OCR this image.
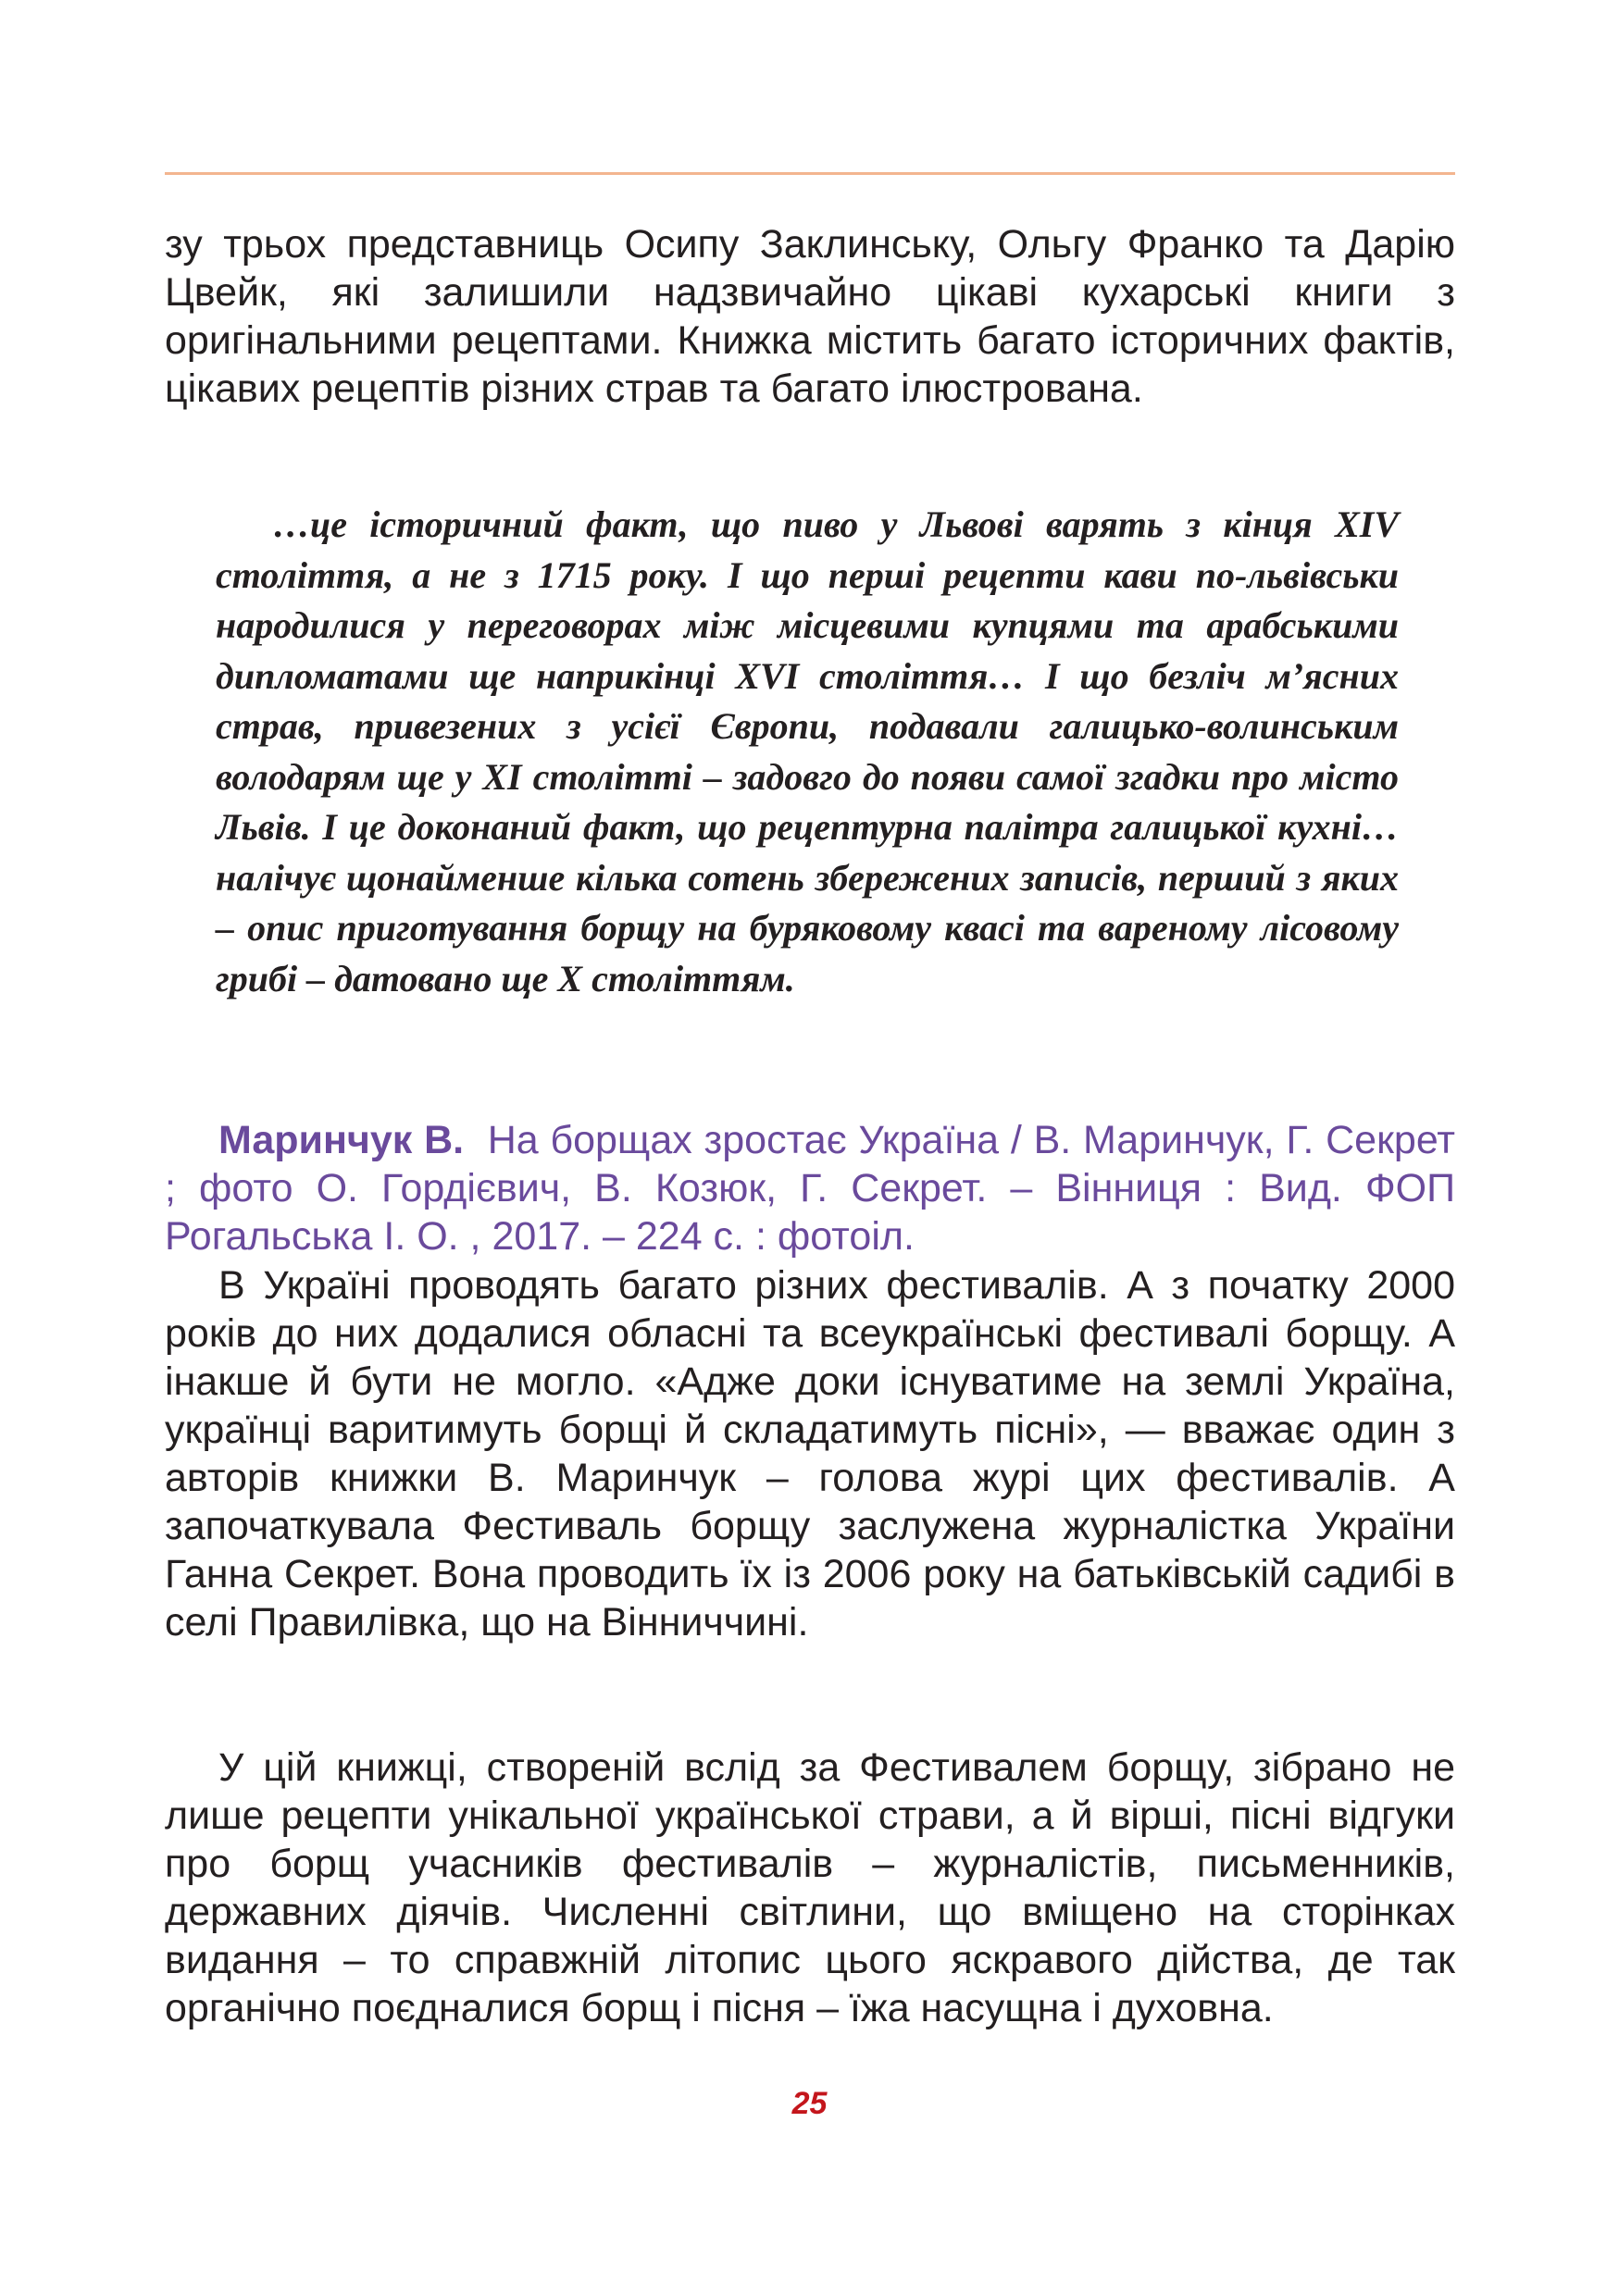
зу трьох представниць Осипу Заклинську, Ольгу Франко та Дарію Цвейк, які залишили надзвичайно цікаві кухарські книги з оригінальними рецептами. Книжка містить багато історичних фактів, цікавих рецептів різних страв та багато ілюстрована.

…це історичний факт, що пиво у Львові варять з кінця XIV століття, а не з 1715 року. І що перші рецепти кави по-львівськи народилися у переговорах між місцевими купцями та арабськими дипломатами ще наприкінці XVI століття… І що безліч м’ясних страв, привезених з усієї Європи, подавали галицько-волинським володарям ще у XI столітті – задовго до появи самої згадки про місто Львів. І це доконаний факт, що рецептурна палітра галицької кухні… налічує щонайменше кілька сотень збережених записів, перший з яких – опис приготування борщу на буряковому квасі та вареному лісовому грибі – датовано ще X століттям.

Маринчук В. На борщах зростає Україна / В. Маринчук, Г. Секрет ; фото О. Гордієвич, В. Козюк, Г. Секрет. – Вінниця : Вид. ФОП Рогальська І. О. , 2017. – 224 с. : фотоіл.

В Україні проводять багато різних фестивалів. А з початку 2000 років до них додалися обласні та всеукраїнські фестивалі борщу. А інакше й бути не могло. «Адже доки існуватиме на землі Україна, українці варитимуть борщі й складатимуть пісні», — вважає один з авторів книжки В. Маринчук – голова журі цих фестивалів. А започаткувала Фестиваль борщу заслужена журналістка України Ганна Секрет. Вона проводить їх із 2006 року на батьківській садибі в селі Правилівка, що на Вінниччині.

У цій книжці, створеній вслід за Фестивалем борщу, зібрано не лише рецепти унікальної української страви, а й вірші, пісні відгуки про борщ учасників фестивалів – журналістів, письменників, державних діячів. Численні світлини, що вміщено на сторінках видання – то справжній літопис цього яскравого дійства, де так органічно поєдналися борщ і пісня – їжа насущна і духовна.

25
